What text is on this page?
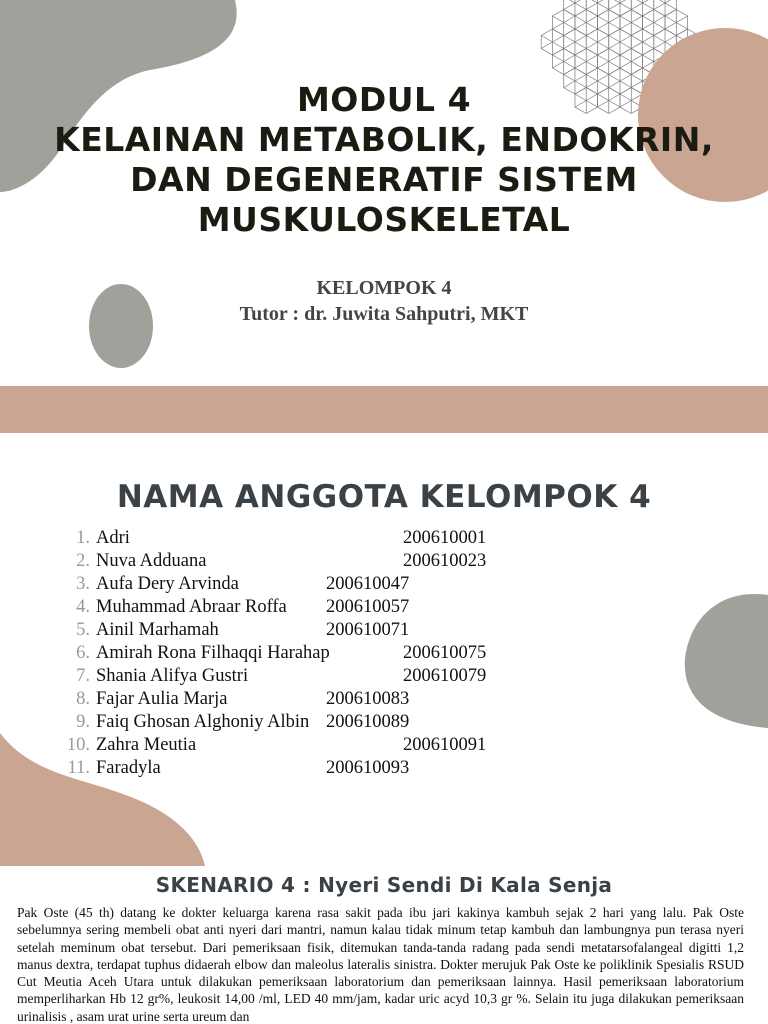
MODUL 4
KELAINAN METABOLIK, ENDOKRIN,
DAN DEGENERATIF SISTEM
MUSKULOSKELETAL
KELOMPOK 4
Tutor : dr. Juwita Sahputri, MKT
NAMA ANGGOTA KELOMPOK 4
1. Adri	200610001
2. Nuva Adduana	200610023
3. Aufa Dery Arvinda	200610047
4. Muhammad Abraar Roffa 200610057
5. Ainil Marhamah	200610071
6. Amirah Rona Filhaqqi Harahap	200610075
7. Shania Alifya Gustri	200610079
8. Fajar Aulia Marja	200610083
9. Faiq Ghosan Alghoniy Albin 200610089
10. Zahra Meutia	200610091
11. Faradyla	200610093
SKENARIO 4 : Nyeri Sendi Di Kala Senja

Pak Oste (45 th) datang ke dokter keluarga karena rasa sakit pada ibu jari kakinya kambuh sejak 2 hari yang lalu. Pak Oste sebelumnya sering membeli obat anti nyeri dari mantri, namun kalau tidak minum tetap kambuh dan lambungnya pun terasa nyeri setelah meminum obat tersebut. Dari pemeriksaan fisik, ditemukan tanda-tanda radang pada sendi metatarsofalangeal digitti 1,2 manus dextra, terdapat tuphus didaerah elbow dan maleolus lateralis sinistra. Dokter merujuk Pak Oste ke poliklinik Spesialis RSUD Cut Meutia Aceh Utara untuk dilakukan pemeriksaan laboratorium dan pemeriksaan lainnya. Hasil pemeriksaan laboratorium memperliharkan Hb 12 gr%, leukosit 14,00 /ml, LED 40 mm/jam, kadar uric acyd 10,3 gr %. Selain itu juga dilakukan pemeriksaan urinalisis , asam urat urine serta ureum dan
